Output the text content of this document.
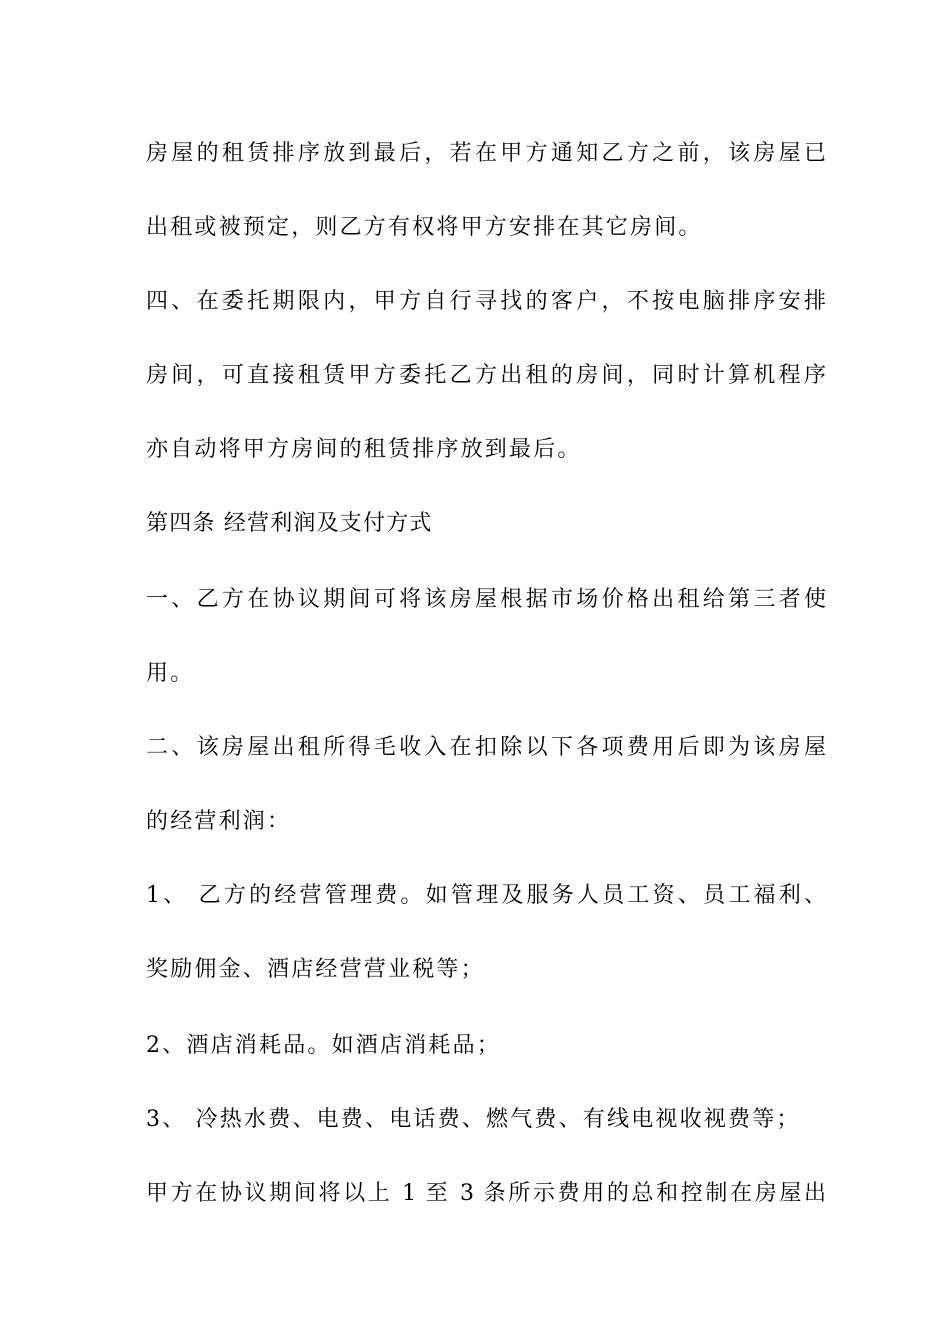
房屋的租赁排序放到最后，若在甲方通知乙方之前，该房屋已
出租或被预定，则乙方有权将甲方安排在其它房间。
四、在委托期限内，甲方自行寻找的客户，不按电脑排序安排
房间，可直接租赁甲方委托乙方出租的房间，同时计算机程序
亦自动将甲方房间的租赁排序放到最后。
第四条 经营利润及支付方式
一、乙方在协议期间可将该房屋根据市场价格出租给第三者使
用。
二、该房屋出租所得毛收入在扣除以下各项费用后即为该房屋
的经营利润：
1、 乙方的经营管理费。如管理及服务人员工资、员工福利、
奖励佣金、酒店经营营业税等；
2、酒店消耗品。如酒店消耗品；
3、 冷热水费、电费、电话费、燃气费、有线电视收视费等；
甲方在协议期间将以上 1 至 3 条所示费用的总和控制在房屋出
